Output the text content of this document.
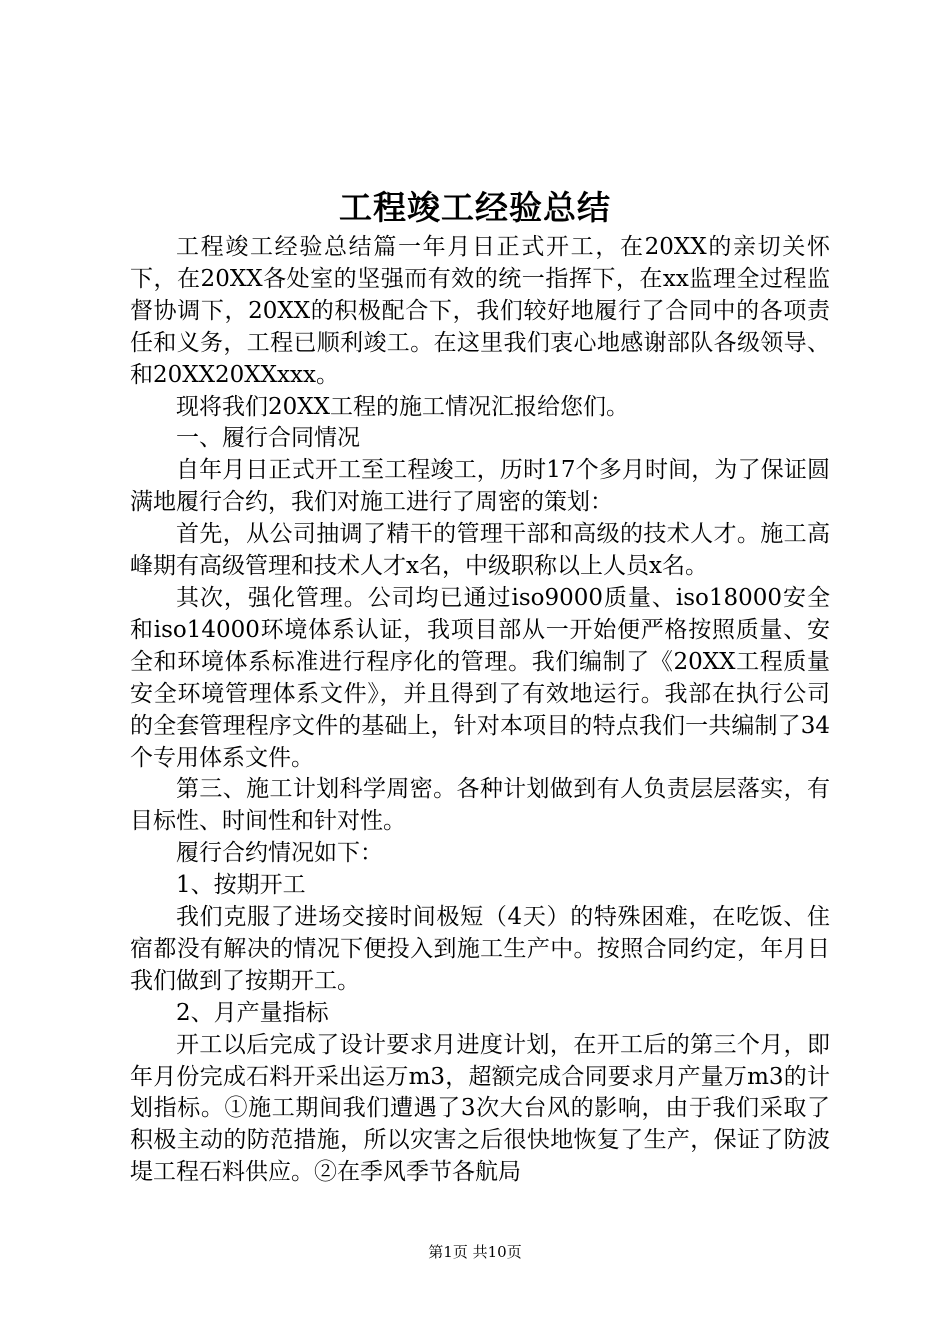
工程竣工经验总结

工程竣工经验总结篇一年月日正式开工，在20XX的亲切关怀下，在20XX各处室的坚强而有效的统一指挥下，在xx监理全过程监督协调下，20XX的积极配合下，我们较好地履行了合同中的各项责任和义务，工程已顺利竣工。在这里我们衷心地感谢部队各级领导、和20XX20XXxxx。

现将我们20XX工程的施工情况汇报给您们。

一、履行合同情况

自年月日正式开工至工程竣工，历时17个多月时间，为了保证圆满地履行合约，我们对施工进行了周密的策划：

首先，从公司抽调了精干的管理干部和高级的技术人才。施工高峰期有高级管理和技术人才x名，中级职称以上人员x名。

其次，强化管理。公司均已通过iso9000质量、iso18000安全和iso14000环境体系认证，我项目部从一开始便严格按照质量、安全和环境体系标准进行程序化的管理。我们编制了《20XX工程质量安全环境管理体系文件》，并且得到了有效地运行。我部在执行公司的全套管理程序文件的基础上，针对本项目的特点我们一共编制了34个专用体系文件。

第三、施工计划科学周密。各种计划做到有人负责层层落实，有目标性、时间性和针对性。

履行合约情况如下：

1、按期开工

我们克服了进场交接时间极短（4天）的特殊困难，在吃饭、住宿都没有解决的情况下便投入到施工生产中。按照合同约定，年月日我们做到了按期开工。

2、月产量指标

开工以后完成了设计要求月进度计划，在开工后的第三个月，即年月份完成石料开采出运万m3，超额完成合同要求月产量万m3的计划指标。①施工期间我们遭遇了3次大台风的影响，由于我们采取了积极主动的防范措施，所以灾害之后很快地恢复了生产，保证了防波堤工程石料供应。②在季风季节各航局

第1页 共10页
